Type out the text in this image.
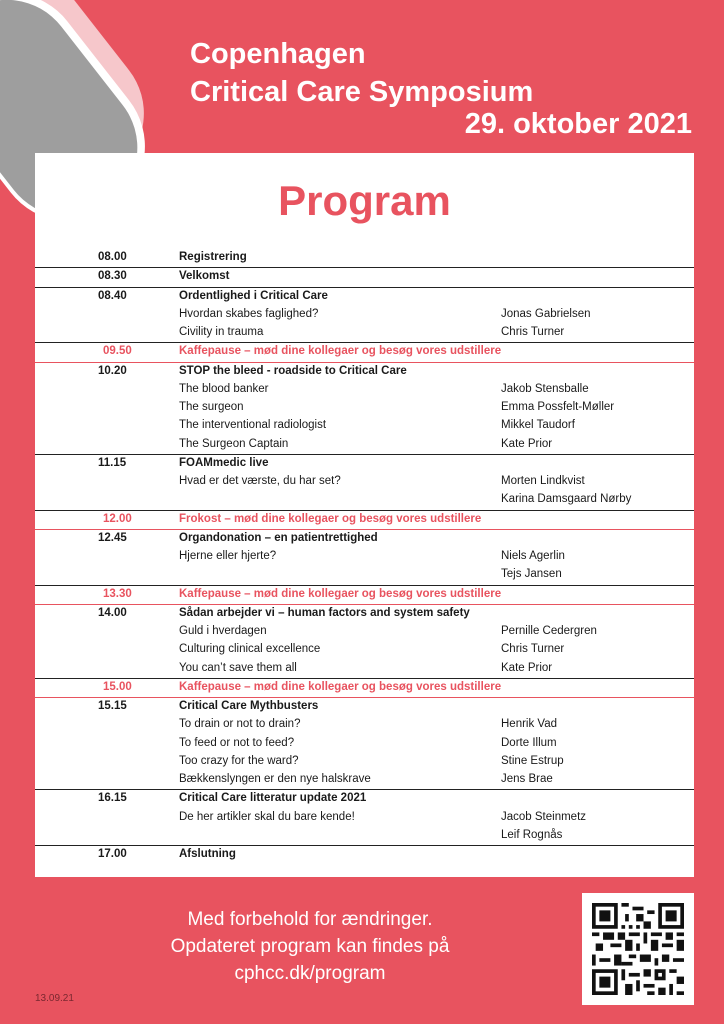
Copenhagen
Critical Care Symposium
29. oktober 2021
Program
08.00	Registrering
08.30	Velkomst
08.40	Ordentlighed i Critical Care
Hvordan skabes faglighed?	Jonas Gabrielsen
Civility in trauma	Chris Turner
09.50	Kaffepause – mød dine kollegaer og besøg vores udstillere
10.20	STOP the bleed - roadside to Critical Care
The blood banker	Jakob Stensballe
The surgeon	Emma Possfelt-Møller
The interventional radiologist	Mikkel Taudorf
The Surgeon Captain	Kate Prior
11.15	FOAMmedic live
Hvad er det værste, du har set?	Morten Lindkvist
Karina Damsgaard Nørby
12.00	Frokost – mød dine kollegaer og besøg vores udstillere
12.45	Organdonation – en patientrettighed
Hjerne eller hjerte?	Niels Agerlin
Tejs Jansen
13.30	Kaffepause – mød dine kollegaer og besøg vores udstillere
14.00	Sådan arbejder vi – human factors and system safety
Guld i hverdagen	Pernille Cedergren
Culturing clinical excellence	Chris Turner
You can’t save them all	Kate Prior
15.00	Kaffepause – mød dine kollegaer og besøg vores udstillere
15.15	Critical Care Mythbusters
To drain or not to drain?	Henrik Vad
To feed or not to feed?	Dorte Illum
Too crazy for the ward?	Stine Estrup
Bækkenslyngen er den nye halskrave	Jens Brae
16.15	Critical Care litteratur update 2021
De her artikler skal du bare kende!	Jacob Steinmetz
Leif Rognås
17.00	Afslutning
Med forbehold for ændringer.
Opdateret program kan findes på
cphcc.dk/program
13.09.21
